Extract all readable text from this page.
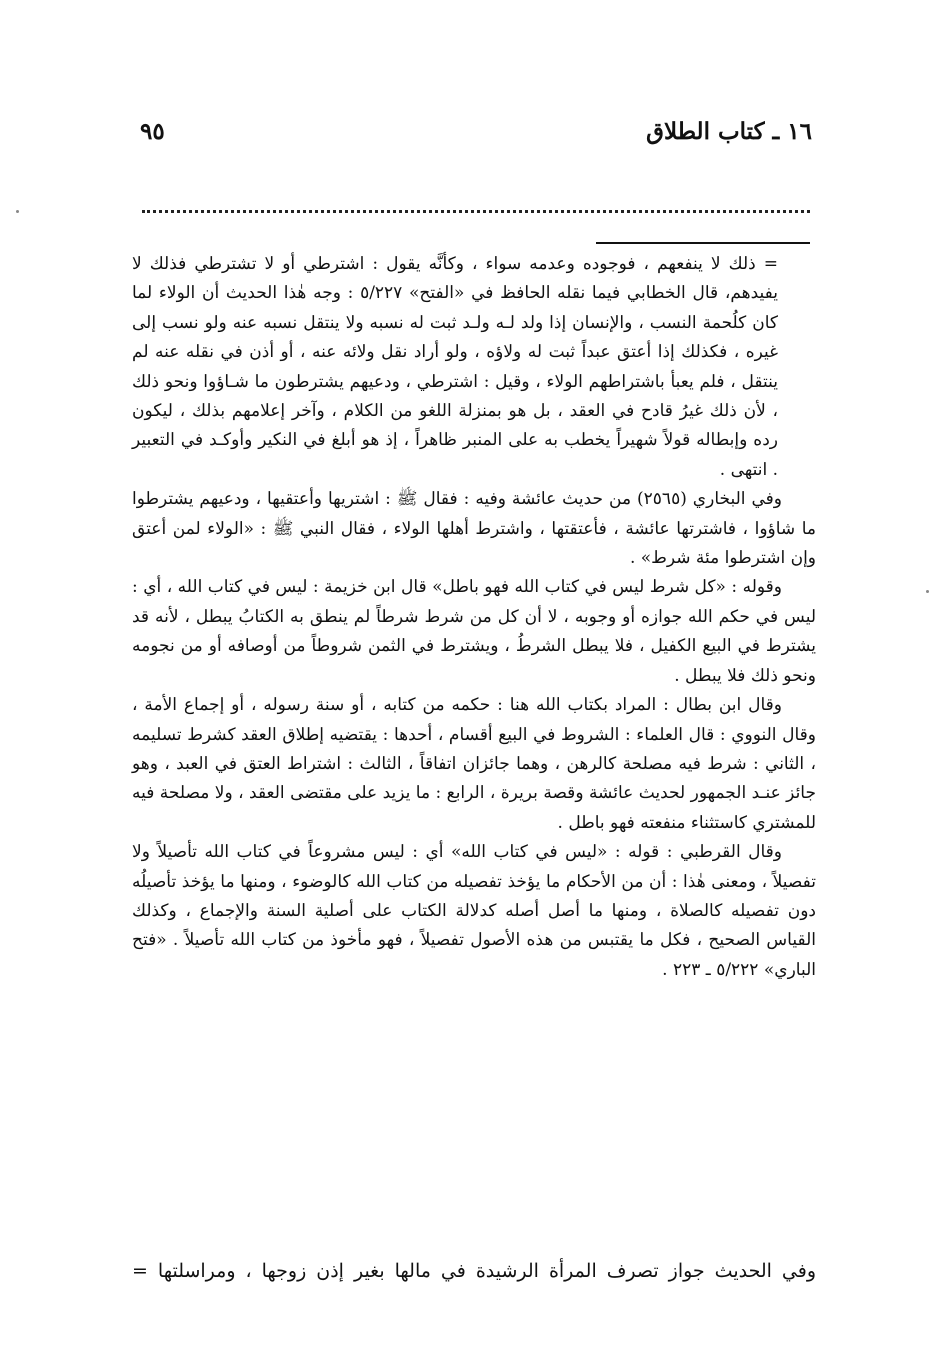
١٦ ـ كتاب الطلاق
٩٥

= ذلك لا ينفعهم ، فوجوده وعدمه سواء ، وكأنَّه يقول : اشترطي أو لا تشترطي فذلك لا يفيدهم، قال الخطابي فيما نقله الحافظ في «الفتح» ٥/٢٢٧ : وجه هٰذا الحديث أن الولاء لما كان كلُحمة النسب ، والإنسان إذا ولد لـه ولـد ثبت له نسبه ولا ينتقل نسبه عنه ولو نسب إلى غيره ، فكذلك إذا أعتق عبداً ثبت له ولاؤه ، ولو أراد نقل ولائه عنه ، أو أذن في نقله عنه لم ينتقل ، فلم يعبأ باشتراطهم الولاء ، وقيل : اشترطي ، ودعيهم يشترطون ما شـاؤوا ونحو ذلك ، لأن ذلك غيرُ قادح في العقد ، بل هو بمنزلة اللغو من الكلام ، وآخر إعلامهم بذلك ، ليكون رده وإبطاله قولاً شهيراً يخطب به على المنبر ظاهراً ، إذ هو أبلغ في النكير وأوكـد في التعبير . انتهى .

وفي البخاري (٢٥٦٥) من حديث عائشة وفيه : فقال ﷺ : اشتريها وأعتقيها ، ودعيهم يشترطوا ما شاؤوا ، فاشترتها عائشة ، فأعتقتها ، واشترط أهلها الولاء ، فقال النبي ﷺ : «الولاء لمن أعتق وإن اشترطوا مئة شرط» .

وقوله : «كل شرط ليس في كتاب الله فهو باطل» قال ابن خزيمة : ليس في كتاب الله ، أي : ليس في حكم الله جوازه أو وجوبه ، لا أن كل من شرط شرطاً لم ينطق به الكتابُ يبطل ، لأنه قد يشترط في البيع الكفيل ، فلا يبطل الشرطُ ، ويشترط في الثمن شروطاً من أوصافه أو من نجومه ونحو ذلك فلا يبطل .

وقال ابن بطال : المراد بكتاب الله هنا : حكمه من كتابه ، أو سنة رسوله ، أو إجماع الأمة ، وقال النووي : قال العلماء : الشروط في البيع أقسام ، أحدها : يقتضيه إطلاق العقد كشرط تسليمه ، الثاني : شرط فيه مصلحة كالرهن ، وهما جائزان اتفاقاً ، الثالث : اشتراط العتق في العبد ، وهو جائز عنـد الجمهور لحديث عائشة وقصة بريرة ، الرابع : ما يزيد على مقتضى العقد ، ولا مصلحة فيه للمشتري كاستثناء منفعته فهو باطل .

وقال القرطبي : قوله : «ليس في كتاب الله» أي : ليس مشروعاً في كتاب الله تأصيلاً ولا تفصيلاً ، ومعنى هٰذا : أن من الأحكام ما يؤخذ تفصيله من كتاب الله كالوضوء ، ومنها ما يؤخذ تأصيلُه دون تفصيله كالصلاة ، ومنها ما أصل أصله كدلالة الكتاب على أصلية السنة والإجماع ، وكذلك القياس الصحيح ، فكل ما يقتبس من هذه الأصول تفصيلاً ، فهو مأخوذ من كتاب الله تأصيلاً . «فتح الباري» ٥/٢٢٢ ـ ٢٢٣ .

وفي الحديث جواز تصرف المرأة الرشيدة في مالها بغير إذن زوجها ، ومراسلتها =
